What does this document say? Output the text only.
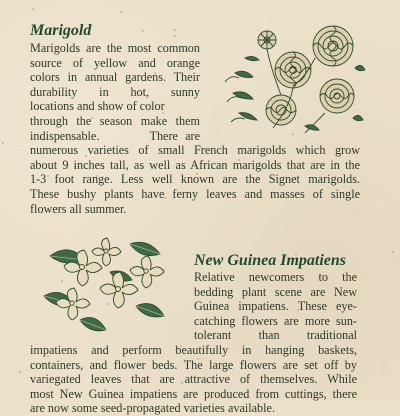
Marigold

Marigolds are the most common

source of yellow and orange

colors in annual gardens. Their

durability in hot, sunny

locations and show of color

through the season make them

indispensable.       There are

numerous varieties of small French marigolds which grow

about 9 inches tall, as well as African marigolds that are in the

1-3 foot range. Less well known are the Signet marigolds.

These bushy plants have ferny leaves and masses of single

flowers all summer.

New Guinea Impatiens

Relative newcomers to the

bedding plant scene are New

Guinea impatiens. These eye-

catching flowers are more sun-

tolerant      than      traditional

impatiens and perform beautifully in hanging baskets,

containers, and flower beds. The large flowers are set off by

variegated leaves that are attractive of themselves. While

most New Guinea impatiens are produced from cuttings, there

are now some seed-propagated varieties available.
